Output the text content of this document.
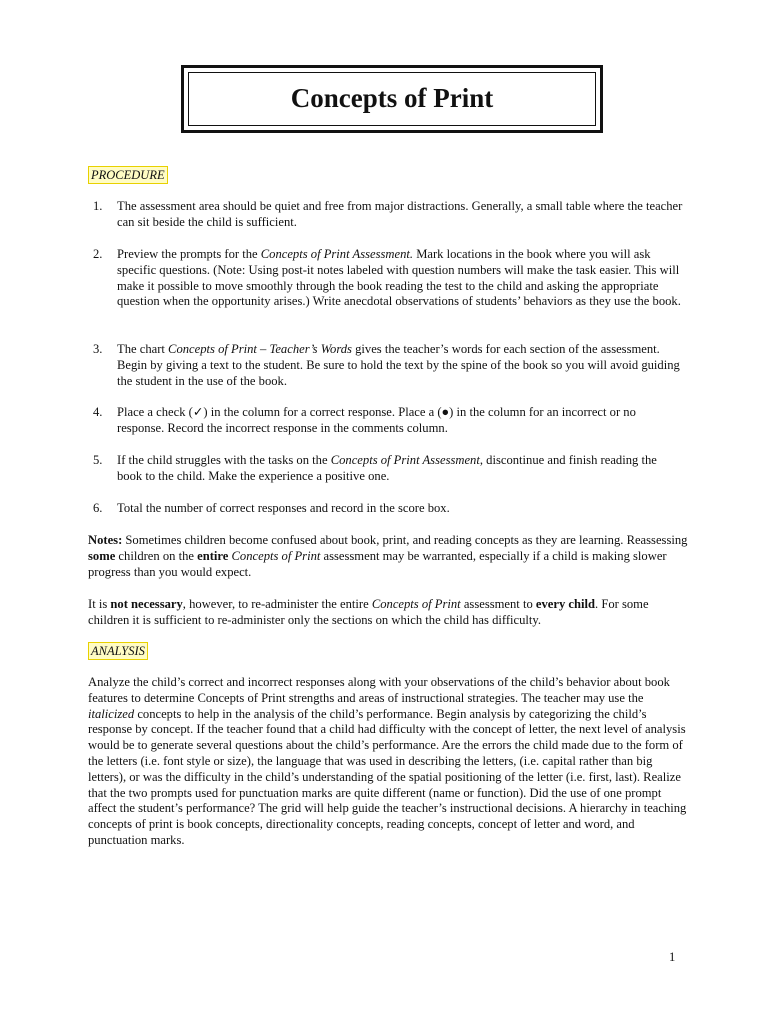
Concepts of Print
PROCEDURE
1. The assessment area should be quiet and free from major distractions. Generally, a small table where the teacher can sit beside the child is sufficient.
2. Preview the prompts for the Concepts of Print Assessment. Mark locations in the book where you will ask specific questions. (Note: Using post-it notes labeled with question numbers will make the task easier. This will make it possible to move smoothly through the book reading the test to the child and asking the appropriate question when the opportunity arises.) Write anecdotal observations of students’ behaviors as they use the book.
3. The chart Concepts of Print – Teacher’s Words gives the teacher’s words for each section of the assessment. Begin by giving a text to the student. Be sure to hold the text by the spine of the book so you will avoid guiding the student in the use of the book.
4. Place a check (✓) in the column for a correct response. Place a (●) in the column for an incorrect or no response. Record the incorrect response in the comments column.
5. If the child struggles with the tasks on the Concepts of Print Assessment, discontinue and finish reading the book to the child. Make the experience a positive one.
6. Total the number of correct responses and record in the score box.
Notes: Sometimes children become confused about book, print, and reading concepts as they are learning. Reassessing some children on the entire Concepts of Print assessment may be warranted, especially if a child is making slower progress than you would expect.
It is not necessary, however, to re-administer the entire Concepts of Print assessment to every child. For some children it is sufficient to re-administer only the sections on which the child has difficulty.
ANALYSIS
Analyze the child’s correct and incorrect responses along with your observations of the child’s behavior about book features to determine Concepts of Print strengths and areas of instructional strategies. The teacher may use the italicized concepts to help in the analysis of the child’s performance. Begin analysis by categorizing the child’s response by concept. If the teacher found that a child had difficulty with the concept of letter, the next level of analysis would be to generate several questions about the child’s performance. Are the errors the child made due to the form of the letters (i.e. font style or size), the language that was used in describing the letters, (i.e. capital rather than big letters), or was the difficulty in the child’s understanding of the spatial positioning of the letter (i.e. first, last). Realize that the two prompts used for punctuation marks are quite different (name or function). Did the use of one prompt affect the student’s performance? The grid will help guide the teacher’s instructional decisions. A hierarchy in teaching concepts of print is book concepts, directionality concepts, reading concepts, concept of letter and word, and punctuation marks.
1
